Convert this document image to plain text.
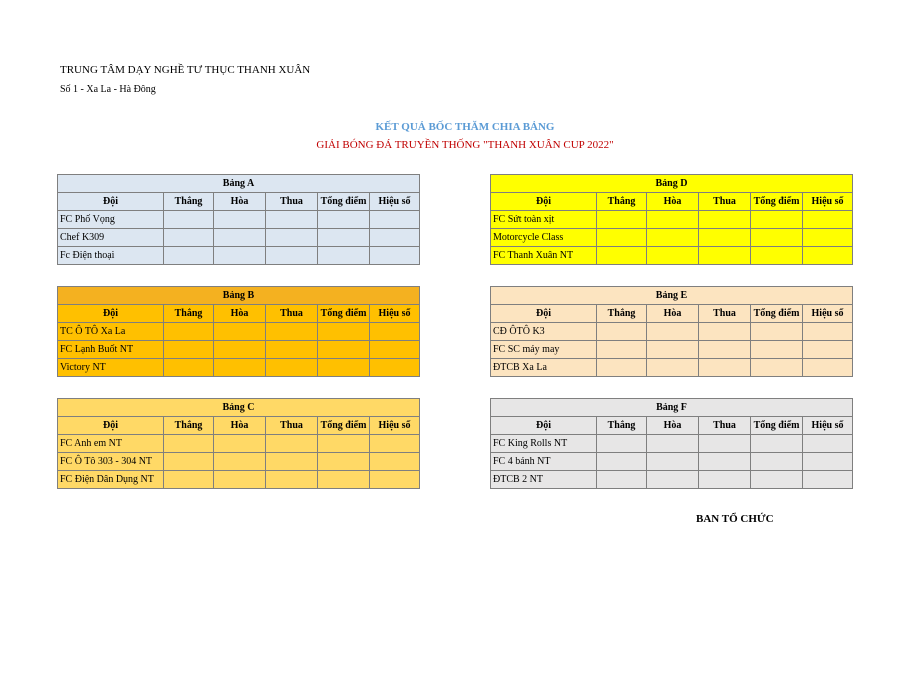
TRUNG TÂM DẠY NGHỀ TƯ THỤC THANH XUÂN
Số 1 - Xa La - Hà Đông
KẾT QUẢ BỐC THĂM CHIA BẢNG
GIẢI BÓNG ĐÁ TRUYỀN THỐNG "THANH XUÂN CUP 2022"
Bảng A					
Đội	Thắng	Hòa	Thua	Tổng điểm	Hiệu số
FC Phố Vọng					
Chef K309					
Fc Điện thoại					
Bảng B					
Đội	Thắng	Hòa	Thua	Tổng điểm	Hiệu số
TC Ô TÔ Xa La					
FC Lạnh Buốt NT					
Victory NT					
Bảng C					
Đội	Thắng	Hòa	Thua	Tổng điểm	Hiệu số
FC Anh em NT					
FC Ô Tô 303 - 304 NT					
FC Điện Dân Dụng NT					
Bảng D					
Đội	Thắng	Hòa	Thua	Tổng điểm	Hiệu số
FC Sứt toàn xịt					
Motorcycle Class					
FC Thanh Xuân NT					
Bảng E					
Đội	Thắng	Hòa	Thua	Tổng điểm	Hiệu số
CĐ ÔTÔ K3					
FC SC máy may					
ĐTCB Xa La					
Bảng F					
Đội	Thắng	Hòa	Thua	Tổng điểm	Hiệu số
FC King Rolls NT					
FC 4 bánh NT					
ĐTCB 2 NT					
BAN TỔ CHỨC
